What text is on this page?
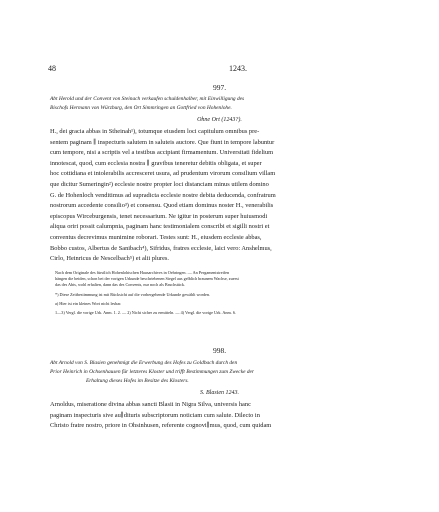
48	1243.
997.
Abt Herold und der Convent von Steinach verkaufen schuldenhalber, mit Einwilligung des
Bischofs Hermann von Würzburg, den Ort Simmringen an Gottfried von Hohenlohe.
Ohne Ort (1243?).
H., dei gracia abbas in Stheinah¹), totumque eiusdem loci capitulum omnibus pre-
sentem paginam ∥ inspecturis salutem in saluteis auctore. Que fiunt in tempore labuntur
cum tempore, nisi a scriptis vel a testibus accipiant firmamentum. Universitati fidelium
innotescat, quod, cum ecclesia nostra ∥ gravibus teneretur debitis obligata, et super
hoc cottidiana et intolerabilis accresceret usura, ad prudentum virorum consilium villam
que dicitur Sumeringin²) ecclesie nostre propter loci distanciam minus utilem domino
G. de Hohenloch venditimus ad supradicta ecclesie nostre debita deducenda, confratrum
nostrorum accedente consilio³) et consensu. Quod etiam dominus noster H., venerabilis
episcopus Wirceburgensis, tenet necessarium. Ne igitur in posterum super huiusmodi
aliqua oriri possit calumpnia, paginam hanc testimonialem conscribi et sigilli nostri et
conventus decrevimus munimine roborari. Testes sunt: H., eiusdem ecclesie abbas,
Bobbo custos, Albertus de Sanibach⁴), Sifridus, fratres ecclesie, laici vero: Anshelmus,
Cirlo, Heinricus de Nescelbach⁵) et alii plures.
Nach dem Originale des fürstlich Hohenlohischen Hausarchives in Oehringen. — An Pergamentstreifen
hängen die beiden, schon bei der vorigen Urkunde beschriebenen Siegel aus gelblich braunem Wachse, zuerst
das des Abts, wohl erhalten, dann das des Convents, nur noch als Bruchstück.
*) Diese Zeitbestimmung ist mit Rücksicht auf die vorhergehende Urkunde gewählt worden.
a) Hier ist ein kleines Wort nicht lesbar.
1—3) Vergl. die vorige Urk. Anm. 1. 2. — 2) Nicht sicher zu ermitteln. — 4) Vergl. die vorige Urk. Anm. 6.
998.
Abt Arnold von S. Blasien genehmigt die Erwerbung des Hofes zu Goldbach durch den
Prior Heinrich in Ochsenhausen für letzteres Kloster und trifft Bestimmungen zum Zwecke der
Erhaltung dieses Hofes im Besitze des Klosters.
S. Blasien 1243.
Arnoldus, miseratione divina abbas sancti Blasii in Nigra Silva, universis hanc
paginam inspecturis sive au∥dituris subscriptorum noticiam cum salute. Dilecto in
Christo fratre nostro, priore in Ohsinhusen, referente cognovi∥mus, quod, cum quidam
